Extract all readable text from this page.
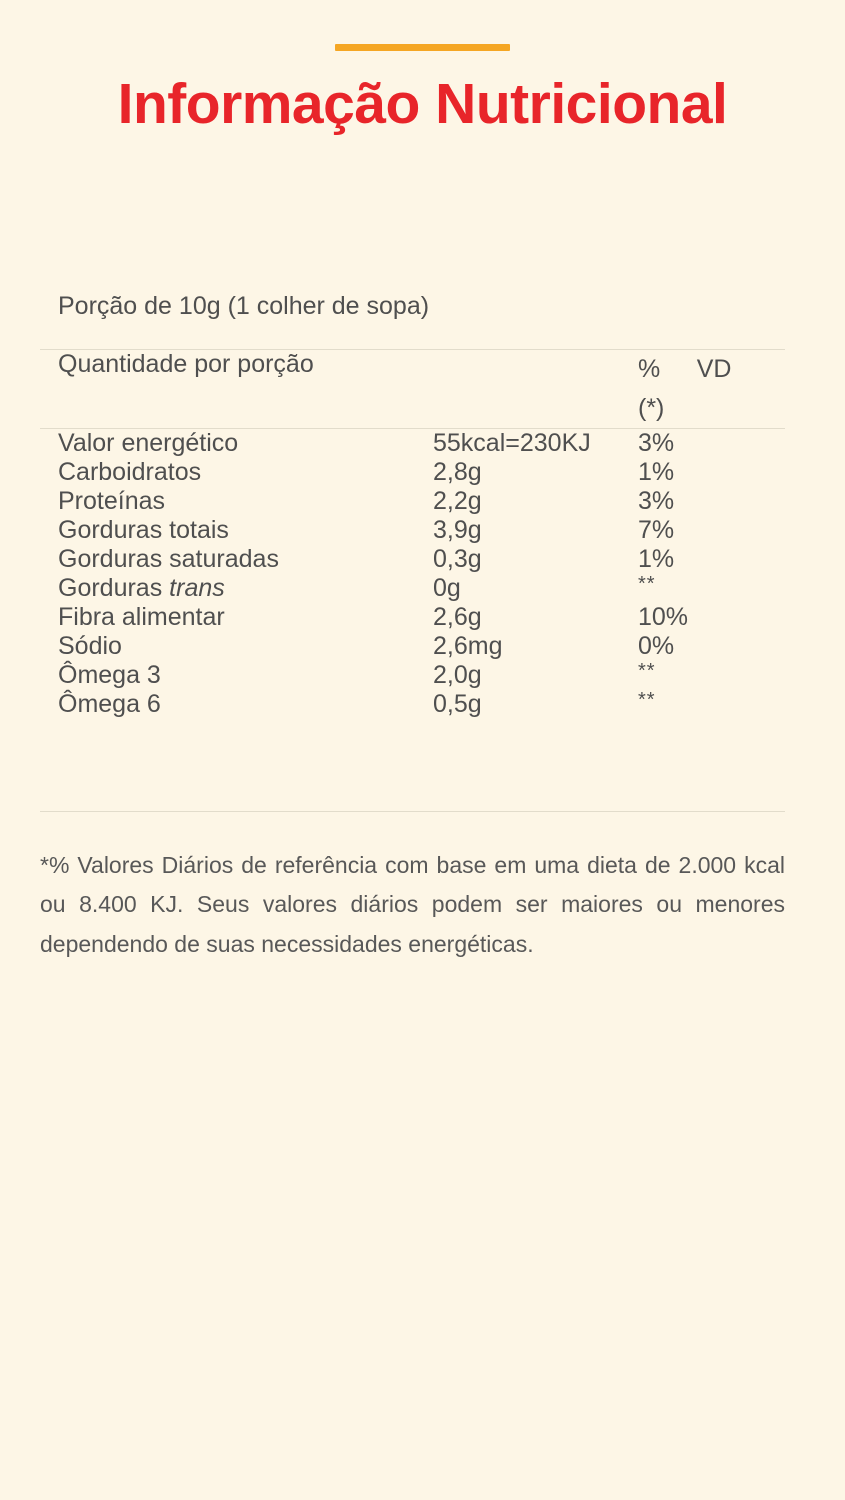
Informação Nutricional
Porção de 10g (1 colher de sopa)
Quantidade por porção		% VD
(*)
Valor energético	55kcal=230KJ	3%
Carboidratos	2,8g	1%
Proteínas	2,2g	3%
Gorduras totais	3,9g	7%
Gorduras saturadas	0,3g	1%
Gorduras trans	0g	**
Fibra alimentar	2,6g	10%
Sódio	2,6mg	0%
Ômega 3	2,0g	**
Ômega 6	0,5g	**

*% Valores Diários de referência com base em uma dieta de 2.000 kcal ou 8.400 KJ. Seus valores diários podem ser maiores ou menores dependendo de suas necessidades energéticas.
